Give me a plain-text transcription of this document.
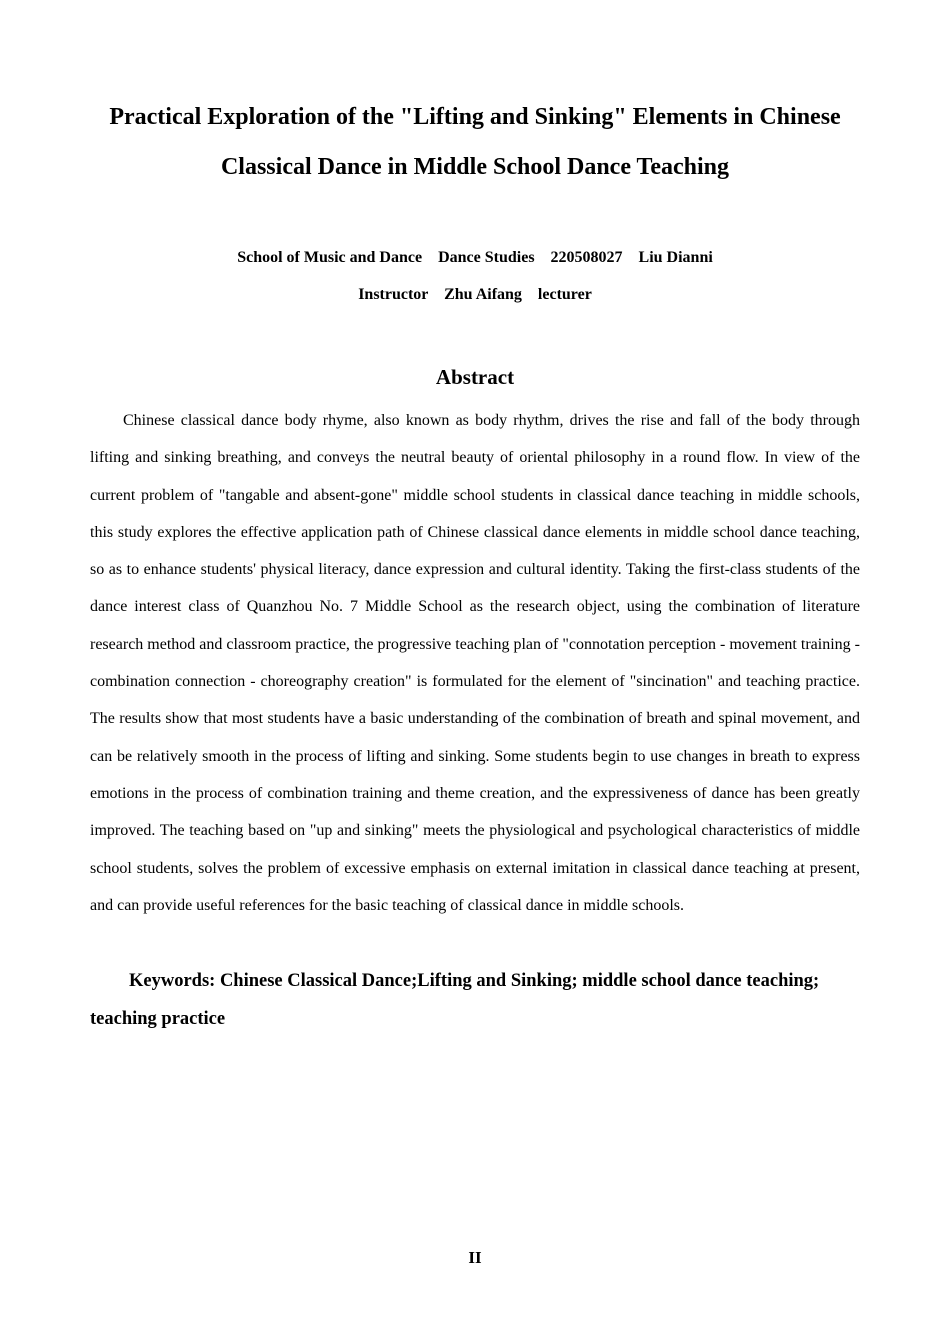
Practical Exploration of the "Lifting and Sinking" Elements in Chinese Classical Dance in Middle School Dance Teaching
School of Music and Dance    Dance Studies    220508027    Liu Dianni
Instructor    Zhu Aifang    lecturer
Abstract

Chinese classical dance body rhyme, also known as body rhythm, drives the rise and fall of the body through lifting and sinking breathing, and conveys the neutral beauty of oriental philosophy in a round flow. In view of the current problem of "tangable and absent-gone" middle school students in classical dance teaching in middle schools, this study explores the effective application path of Chinese classical dance elements in middle school dance teaching, so as to enhance students' physical literacy, dance expression and cultural identity. Taking the first-class students of the dance interest class of Quanzhou No. 7 Middle School as the research object, using the combination of literature research method and classroom practice, the progressive teaching plan of "connotation perception - movement training - combination connection - choreography creation" is formulated for the element of "sincination" and teaching practice. The results show that most students have a basic understanding of the combination of breath and spinal movement, and can be relatively smooth in the process of lifting and sinking. Some students begin to use changes in breath to express emotions in the process of combination training and theme creation, and the expressiveness of dance has been greatly improved. The teaching based on "up and sinking" meets the physiological and psychological characteristics of middle school students, solves the problem of excessive emphasis on external imitation in classical dance teaching at present, and can provide useful references for the basic teaching of classical dance in middle schools.

Keywords: Chinese Classical Dance;Lifting and Sinking; middle school dance teaching; teaching practice

II
